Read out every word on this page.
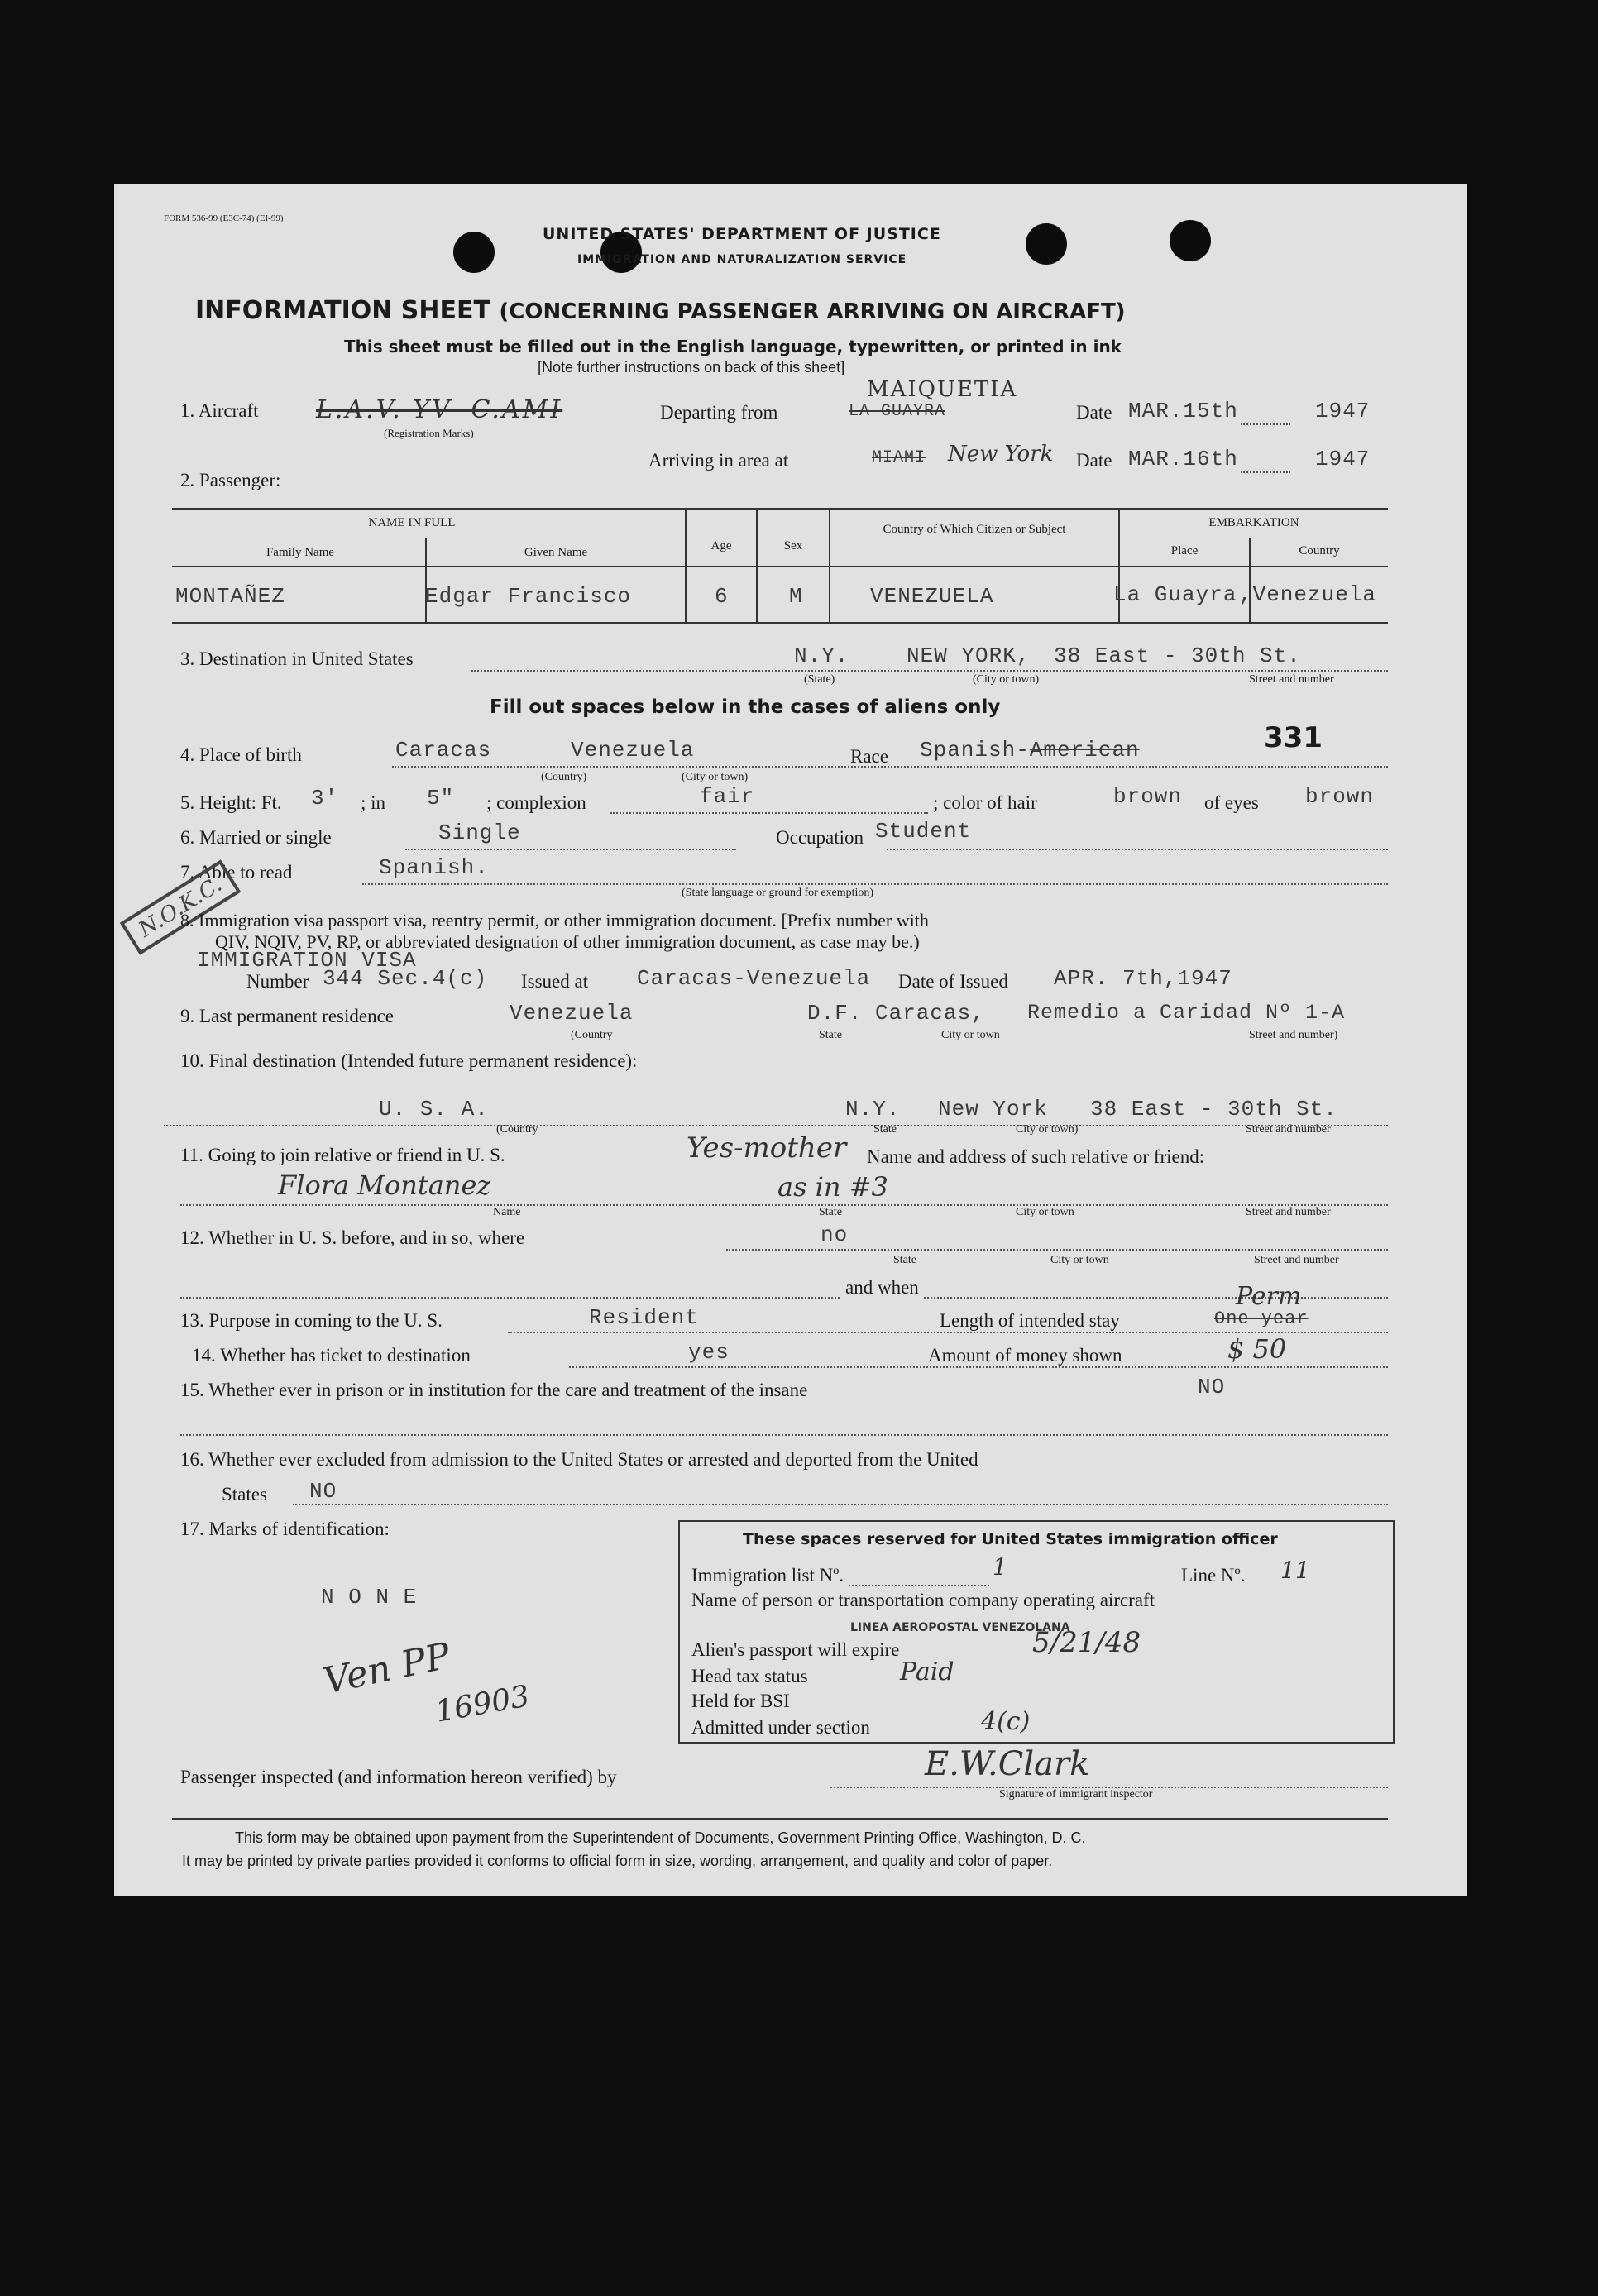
FORM 536-99 (E3C-74) (EI-99)
UNITED STATES' DEPARTMENT OF JUSTICE
IMMIGRATION AND NATURALIZATION SERVICE
INFORMATION SHEET (CONCERNING PASSENGER ARRIVING ON AIRCRAFT)
This sheet must be filled out in the English language, typewritten, or printed in ink
[Note further instructions on back of this sheet]
1. Aircraft L.A.V. YV- C.AMI
(Registration Marks)
Departing from	LA GUAYRA
MAIQUETIA
Date MAR.15th	1947
Arriving in area at	MIAMI New York Date MAR.16th	1947
2. Passenger:
NAME IN FULL
Family Name	Given Name	Age	Sex
Country of Which Citizen or Subject	EMBARKATION
Place	Country
MONTAÑEZ	Edgar Francisco	6	M	VENEZUELA	La Guayra ,Venezuela
3. Destination in United States	N.Y.	NEW YORK, 38 East - 30th St.
(State)	(City or town)	Street and number
Fill out spaces below in the cases of aliens only
4. Place of birth	Caracas	Venezuela
(Country)	(City or town)
Race Spanish-American	331
5. Height: Ft. 3' ; in 5" ; complexion	fair	; color of hair	brown of eyes brown
6. Married or single	Single	Occupation Student
7. Able to read	Spanish.
(State language or ground for exemption)
N.O.K.C.
8. Immigration visa passport visa, reentry permit, or other immigration document. [Prefix number with
QIV, NQIV, PV, RP, or abbreviated designation of other immigration document, as case may be.)
IMMIGRATION VISA
Number 344 Sec.4(c) Issued at Caracas-Venezuela Date of Issued APR. 7th,1947
9. Last permanent residence	Venezuela	D.F. Caracas, Remedio a Caridad Nº 1-A
(Country	State	City or town	Street and number)
10. Final destination (Intended future permanent residence):
U. S. A.	N.Y. New York 38 East - 30th St.
(Country	State	City or town)	Street and number
11. Going to join relative or friend in U. S.	Yes-mother Name and address of such relative or friend:
Flora Montanez	as in #3
Name	State	City or town	Street and number
12. Whether in U. S. before, and in so, where	no
State	City or town	Street and number
and when
13. Purpose in coming to the U. S.	Resident	Length of intended stay	One year
Perm
14. Whether has ticket to destination	yes	Amount of money shown	$ 50
15. Whether ever in prison or in institution for the care and treatment of the insane	NO
16. Whether ever excluded from admission to the United States or arrested and deported from the United
States NO
17. Marks of identification:
N O N E
Ven PP
16903
These spaces reserved for United States immigration officer
Immigration list Nº.	1	Line Nº. 11
Name of person or transportation company operating aircraft
LINEA AEROPOSTAL VENEZOLANA
Alien's passport will expire	5/21/48
Head tax status	Paid
Held for BSI
Admitted under section	4(c)
Passenger inspected (and information hereon verified) by	E.W.Clark
Signature of immigrant inspector
This form may be obtained upon payment from the Superintendent of Documents, Government Printing Office, Washington, D. C.
It may be printed by private parties provided it conforms to official form in size, wording, arrangement, and quality and color of paper.
